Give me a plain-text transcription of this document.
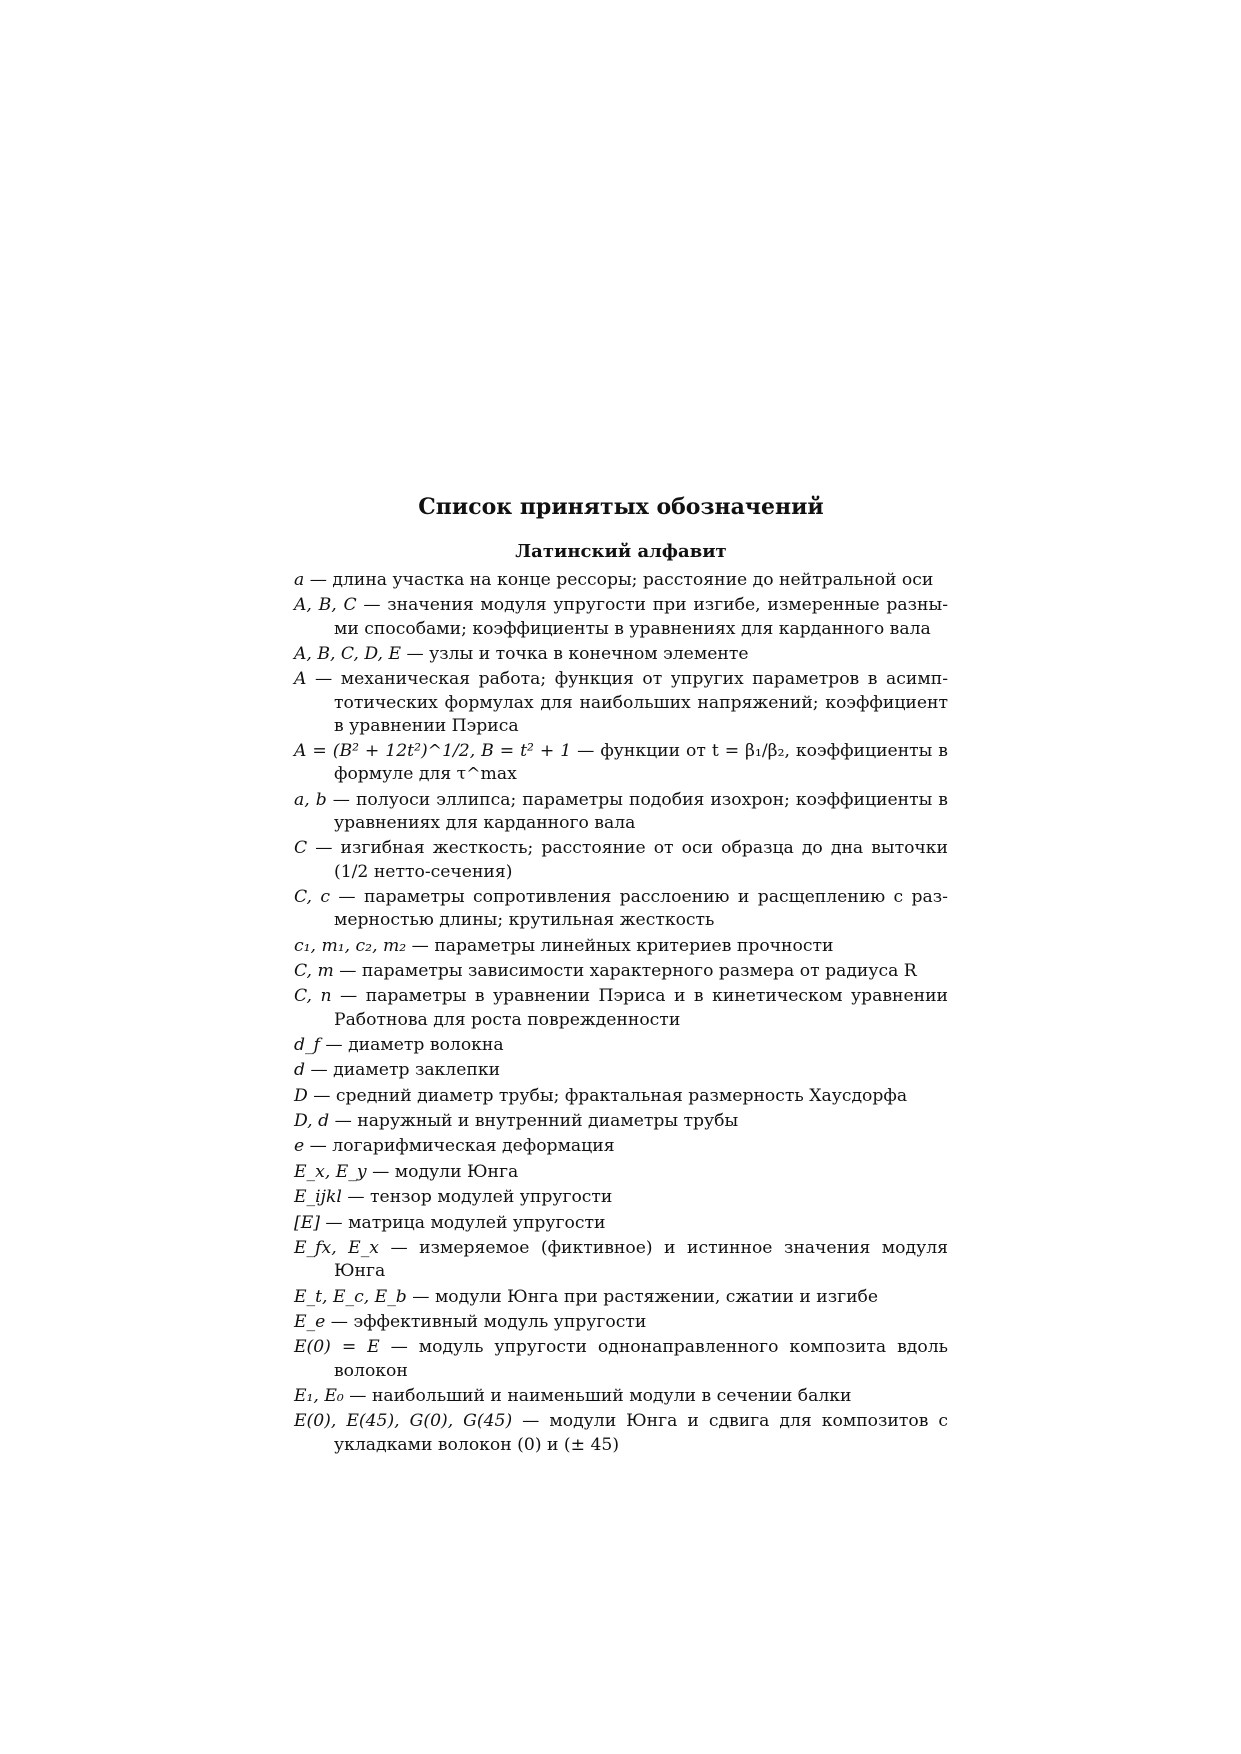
Список принятых обозначений
Латинский алфавит
a — длина участка на конце рессоры; расстояние до нейтральной оси
A, B, C — значения модуля упругости при изгибе, измеренные разными способами; коэффициенты в уравнениях для карданного вала
A, B, C, D, E — узлы и точка в конечном элементе
A — механическая работа; функция от упругих параметров в асимптотических формулах для наибольших напряжений; коэффициент в уравнении Пэриса
A = (B² + 12t²)^1/2, B = t² + 1 — функции от t = β₁/β₂, коэффициенты в формуле для τ^max
a, b — полуоси эллипса; параметры подобия изохрон; коэффициенты в уравнениях для карданного вала
C — изгибная жесткость; расстояние от оси образца до дна выточки (1/2 нетто-сечения)
C, c — параметры сопротивления расслоению и расщеплению с размерностью длины; крутильная жесткость
c₁, m₁, c₂, m₂ — параметры линейных критериев прочности
C, m — параметры зависимости характерного размера от радиуса R
C, n — параметры в уравнении Пэриса и в кинетическом уравнении Работнова для роста поврежденности
d_f — диаметр волокна
d — диаметр заклепки
D — средний диаметр трубы; фрактальная размерность Хаусдорфа
D, d — наружный и внутренний диаметры трубы
e — логарифмическая деформация
E_x, E_y — модули Юнга
E_ijkl — тензор модулей упругости
[E] — матрица модулей упругости
E_fx, E_x — измеряемое (фиктивное) и истинное значения модуля Юнга
E_t, E_c, E_b — модули Юнга при растяжении, сжатии и изгибе
E_e — эффективный модуль упругости
E(0) = E — модуль упругости однонаправленного композита вдоль волокон
E₁, E₀ — наибольший и наименьший модули в сечении балки
E(0), E(45), G(0), G(45) — модули Юнга и сдвига для композитов с укладками волокон (0) и (± 45)
